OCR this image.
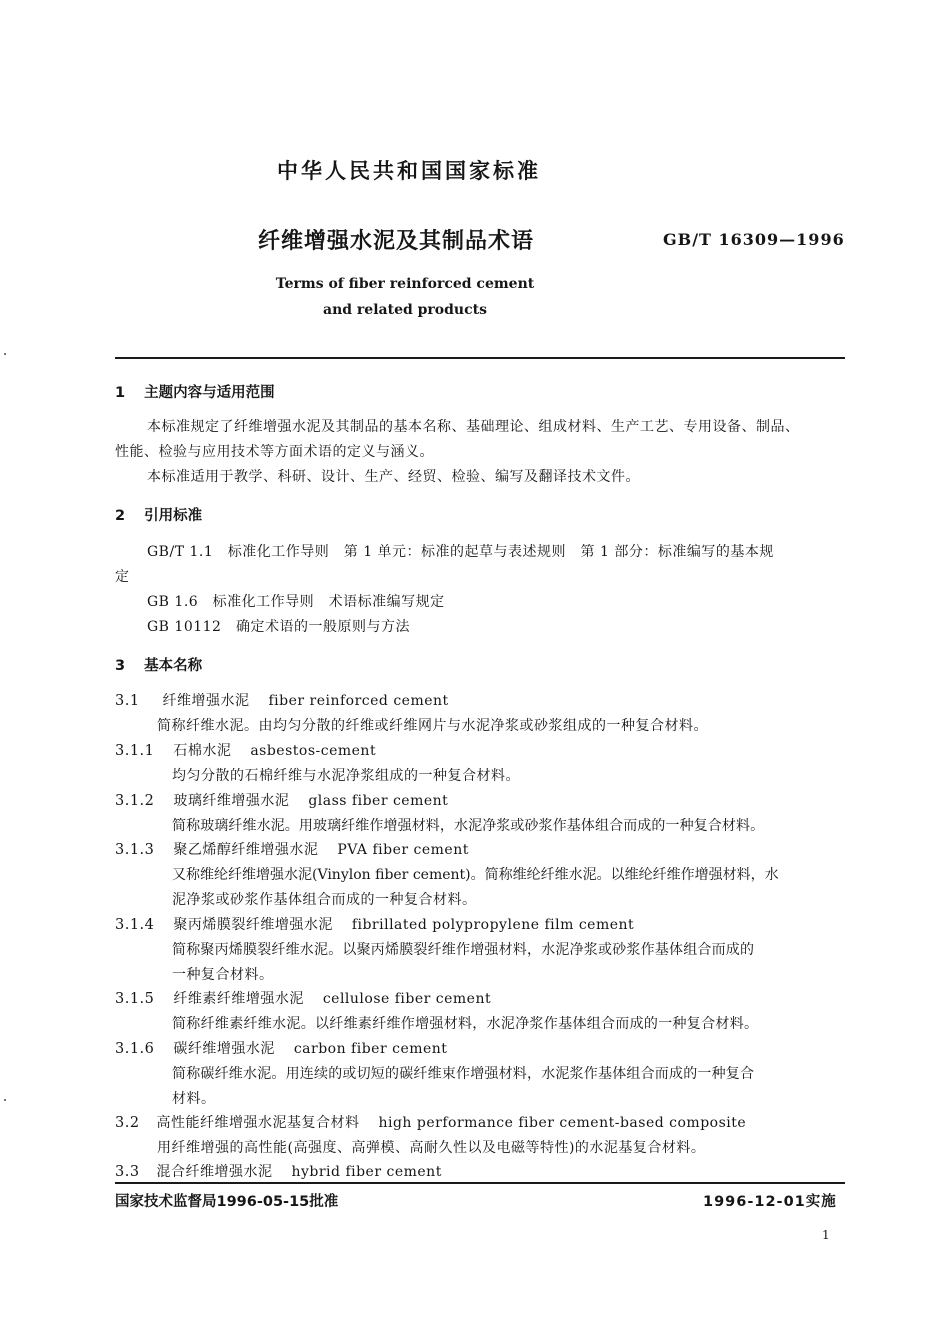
中华人民共和国国家标准
纤维增强水泥及其制品术语	GB/T 16309—1996
Terms of fiber reinforced cement
and related products
1 主题内容与适用范围
本标准规定了纤维增强水泥及其制品的基本名称、基础理论、组成材料、生产工艺、专用设备、制品、
性能、检验与应用技术等方面术语的定义与涵义。
本标准适用于教学、科研、设计、生产、经贸、检验、编写及翻译技术文件。
2 引用标准
GB/T 1.1　标准化工作导则　第 1 单元：标准的起草与表述规则　第 1 部分：标准编写的基本规
定
GB 1.6　标准化工作导则　术语标准编写规定
GB 10112　确定术语的一般原则与方法
3 基本名称
3.1 纤维增强水泥 fiber reinforced cement
简称纤维水泥。由均匀分散的纤维或纤维网片与水泥净浆或砂浆组成的一种复合材料。
3.1.1 石棉水泥 asbestos-cement
均匀分散的石棉纤维与水泥净浆组成的一种复合材料。
3.1.2 玻璃纤维增强水泥 glass fiber cement
简称玻璃纤维水泥。用玻璃纤维作增强材料，水泥净浆或砂浆作基体组合而成的一种复合材料。
3.1.3 聚乙烯醇纤维增强水泥 PVA fiber cement
又称维纶纤维增强水泥(Vinylon fiber cement)。简称维纶纤维水泥。以维纶纤维作增强材料，水
泥净浆或砂浆作基体组合而成的一种复合材料。
3.1.4 聚丙烯膜裂纤维增强水泥 fibrillated polypropylene film cement
简称聚丙烯膜裂纤维水泥。以聚丙烯膜裂纤维作增强材料，水泥净浆或砂浆作基体组合而成的
一种复合材料。
3.1.5 纤维素纤维增强水泥 cellulose fiber cement
简称纤维素纤维水泥。以纤维素纤维作增强材料，水泥净浆作基体组合而成的一种复合材料。
3.1.6 碳纤维增强水泥 carbon fiber cement
简称碳纤维水泥。用连续的或切短的碳纤维束作增强材料，水泥浆作基体组合而成的一种复合
材料。
3.2 高性能纤维增强水泥基复合材料 high performance fiber cement-based composite
用纤维增强的高性能(高强度、高弹模、高耐久性以及电磁等特性)的水泥基复合材料。
3.3 混合纤维增强水泥 hybrid fiber cement
国家技术监督局1996-05-15批准	1996-12-01实施
1
